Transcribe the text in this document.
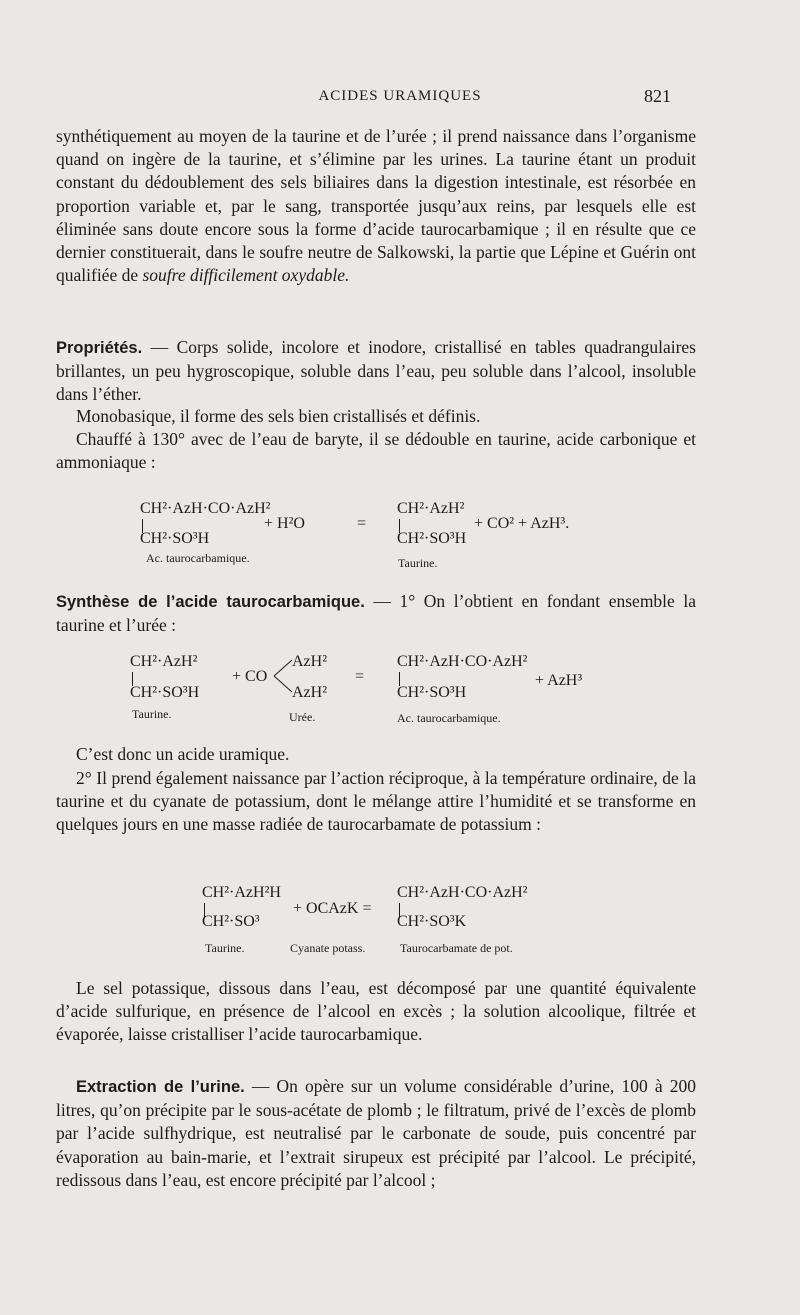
ACIDES URAMIQUES	821

synthétiquement au moyen de la taurine et de l’urée ; il prend naissance dans l’organisme quand on ingère de la taurine, et s’élimine par les urines. La taurine étant un produit constant du dédoublement des sels biliaires dans la digestion intestinale, est résorbée en proportion variable et, par le sang, transportée jusqu’aux reins, par lesquels elle est éliminée sans doute encore sous la forme d’acide taurocarbamique ; il en résulte que ce dernier constituerait, dans le soufre neutre de Salkowski, la partie que Lépine et Guérin ont qualifiée de soufre difficilement oxydable.

Propriétés. — Corps solide, incolore et inodore, cristallisé en tables quadrangulaires brillantes, un peu hygroscopique, soluble dans l’eau, peu soluble dans l’alcool, insoluble dans l’éther.

Monobasique, il forme des sels bien cristallisés et définis.

Chauffé à 130° avec de l’eau de baryte, il se dédouble en taurine, acide carbonique et ammoniaque :

CH²·AzH·CO·AzH²
CH²·SO³H
+ H²O	=
CH²·AzH²
CH²·SO³H
+ CO² + AzH³.
Ac. taurocarbamique.	Taurine.

Synthèse de l’acide taurocarbamique. — 1° On l’obtient en fondant ensemble la taurine et l’urée :

CH²·AzH²
CH²·SO³H
+ CO
AzH²
AzH²
=
CH²·AzH·CO·AzH²
CH²·SO³H
+ AzH³
Taurine.	Urée.	Ac. taurocarbamique.

C’est donc un acide uramique.

2° Il prend également naissance par l’action réciproque, à la température ordinaire, de la taurine et du cyanate de potassium, dont le mélange attire l’humidité et se transforme en quelques jours en une masse radiée de taurocarbamate de potassium :

CH²·AzH²H
CH²·SO³
+ OCAzK =
CH²·AzH·CO·AzH²
CH²·SO³K
Taurine.	Cyanate potass.	Taurocarbamate de pot.

Le sel potassique, dissous dans l’eau, est décomposé par une quantité équivalente d’acide sulfurique, en présence de l’alcool en excès ; la solution alcoolique, filtrée et évaporée, laisse cristalliser l’acide taurocarbamique.

Extraction de l’urine. — On opère sur un volume considérable d’urine, 100 à 200 litres, qu’on précipite par le sous-acétate de plomb ; le filtratum, privé de l’excès de plomb par l’acide sulfhydrique, est neutralisé par le carbonate de soude, puis concentré par évaporation au bain-marie, et l’extrait sirupeux est précipité par l’alcool. Le précipité, redissous dans l’eau, est encore précipité par l’alcool ;
